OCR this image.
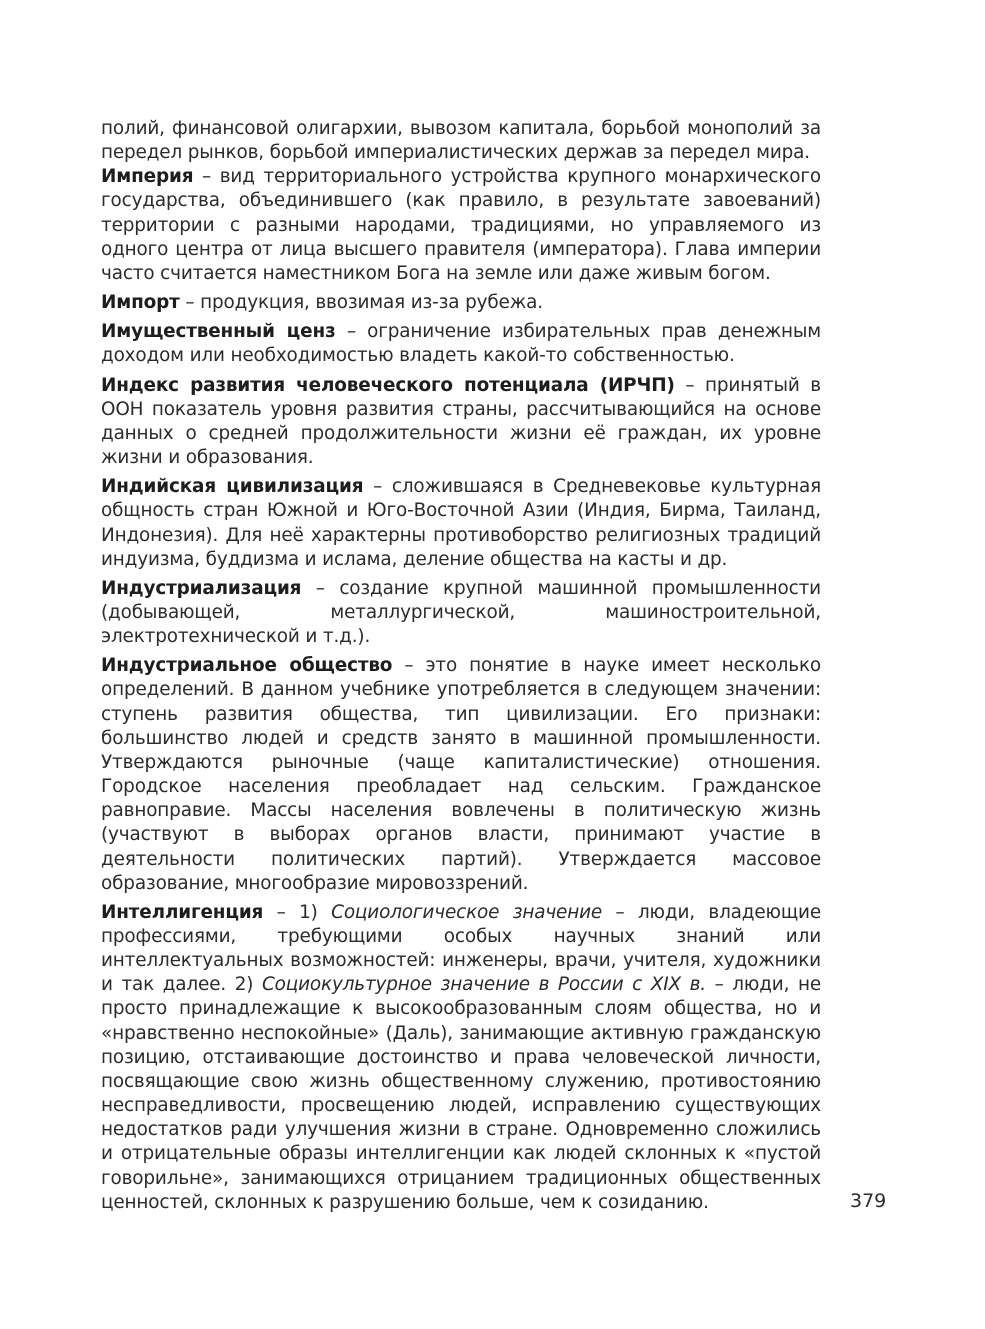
полий, финансовой олигархии, вывозом капитала, борьбой монополий за передел рынков, борьбой империалистических держав за передел мира.

Империя – вид территориального устройства крупного монархического государства, объединившего (как правило, в результате завоеваний) территории с разными народами, традициями, но управляемого из одного центра от лица высшего правителя (императора). Глава империи часто считается наместником Бога на земле или даже живым богом.

Импорт – продукция, ввозимая из-за рубежа.

Имущественный ценз – ограничение избирательных прав денежным доходом или необходимостью владеть какой-то собственностью.

Индекс развития человеческого потенциала (ИРЧП) – принятый в ООН показатель уровня развития страны, рассчитывающийся на основе данных о средней продолжительности жизни её граждан, их уровне жизни и образования.

Индийская цивилизация – сложившаяся в Средневековье культурная общность стран Южной и Юго-Восточной Азии (Индия, Бирма, Таиланд, Индонезия). Для неё характерны противоборство религиозных традиций индуизма, буддизма и ислама, деление общества на касты и др.

Индустриализация – создание крупной машинной промышленности (добывающей, металлургической, машиностроительной, электротехнической и т.д.).

Индустриальное общество – это понятие в науке имеет несколько определений. В данном учебнике употребляется в следующем значении: ступень развития общества, тип цивилизации. Его признаки: большинство людей и средств занято в машинной промышленности. Утверждаются рыночные (чаще капиталистические) отношения. Городское населения преобладает над сельским. Гражданское равноправие. Массы населения вовлечены в политическую жизнь (участвуют в выборах органов власти, принимают участие в деятельности политических партий). Утверждается массовое образование, многообразие мировоззрений.

Интеллигенция – 1) Социологическое значение – люди, владеющие профессиями, требующими особых научных знаний или интеллектуальных возможностей: инженеры, врачи, учителя, художники и так далее. 2) Социокультурное значение в России с XIX в. – люди, не просто принадлежащие к высокообразованным слоям общества, но и «нравственно неспокойные» (Даль), занимающие активную гражданскую позицию, отстаивающие достоинство и права человеческой личности, посвящающие свою жизнь общественному служению, противостоянию несправедливости, просвещению людей, исправлению существующих недостатков ради улучшения жизни в стране. Одновременно сложились и отрицательные образы интеллигенции как людей склонных к «пустой говорильне», занимающихся отрицанием традиционных общественных ценностей, склонных к разрушению больше, чем к созиданию.	379
